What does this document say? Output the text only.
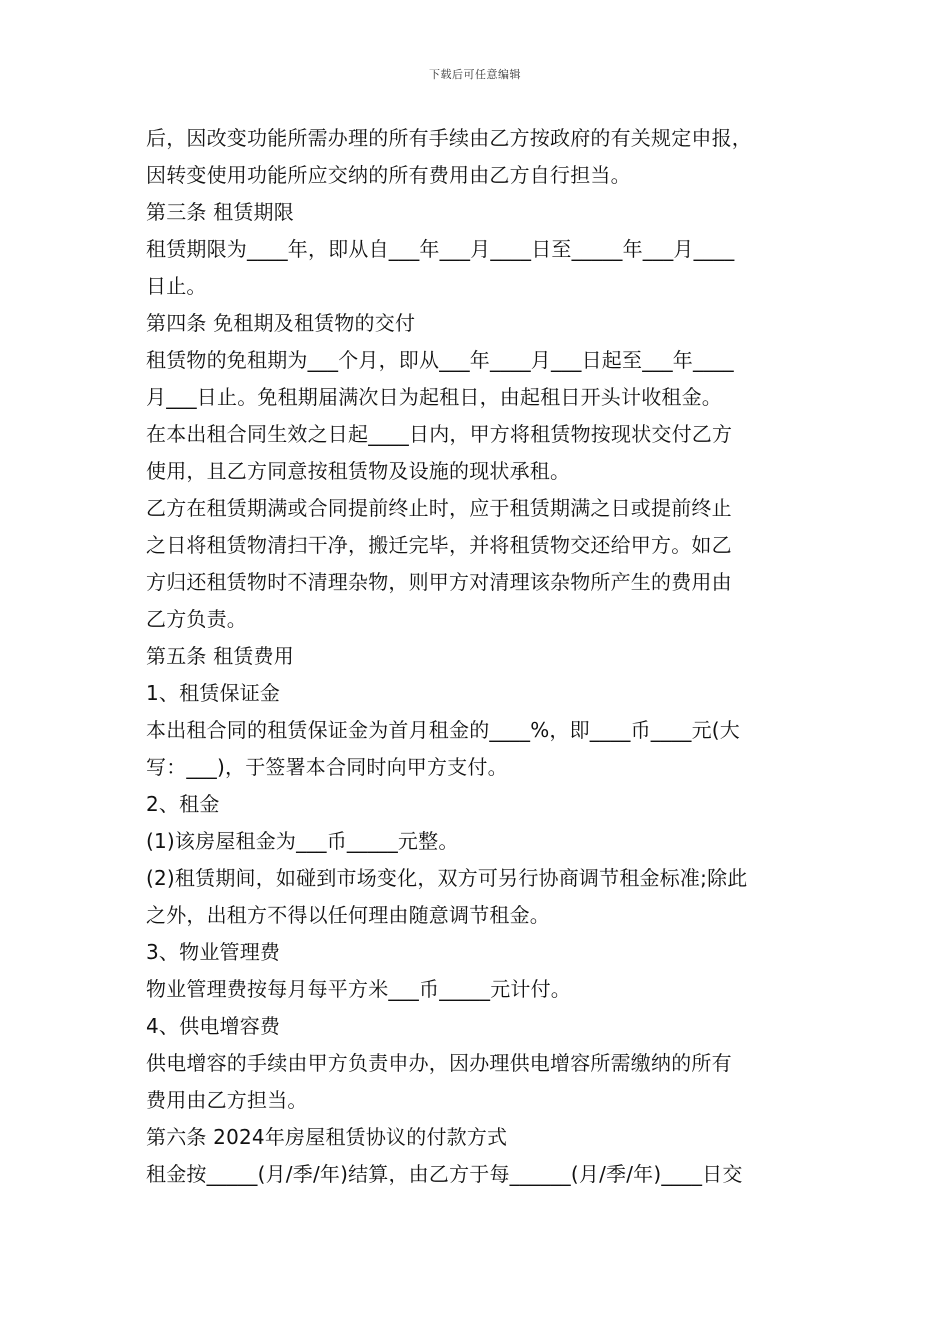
下载后可任意编辑
后，因改变功能所需办理的所有手续由乙方按政府的有关规定申报，
因转变使用功能所应交纳的所有费用由乙方自行担当。
第三条 租赁期限
租赁期限为____年，即从自___年___月____日至_____年___月____
日止。
第四条 免租期及租赁物的交付
租赁物的免租期为___个月，即从___年____月___日起至___年____
月___日止。免租期届满次日为起租日，由起租日开头计收租金。
在本出租合同生效之日起____日内，甲方将租赁物按现状交付乙方
使用，且乙方同意按租赁物及设施的现状承租。
乙方在租赁期满或合同提前终止时，应于租赁期满之日或提前终止
之日将租赁物清扫干净，搬迁完毕，并将租赁物交还给甲方。如乙
方归还租赁物时不清理杂物，则甲方对清理该杂物所产生的费用由
乙方负责。
第五条 租赁费用
1、租赁保证金
本出租合同的租赁保证金为首月租金的____%，即____币____元(大
写：___)，于签署本合同时向甲方支付。
2、租金
(1)该房屋租金为___币_____元整。
(2)租赁期间，如碰到市场变化，双方可另行协商调节租金标准;除此
之外，出租方不得以任何理由随意调节租金。
3、物业管理费
物业管理费按每月每平方米___币_____元计付。
4、供电增容费
供电增容的手续由甲方负责申办，因办理供电增容所需缴纳的所有
费用由乙方担当。
第六条 2024年房屋租赁协议的付款方式
租金按_____(月/季/年)结算，由乙方于每______(月/季/年)____日交
